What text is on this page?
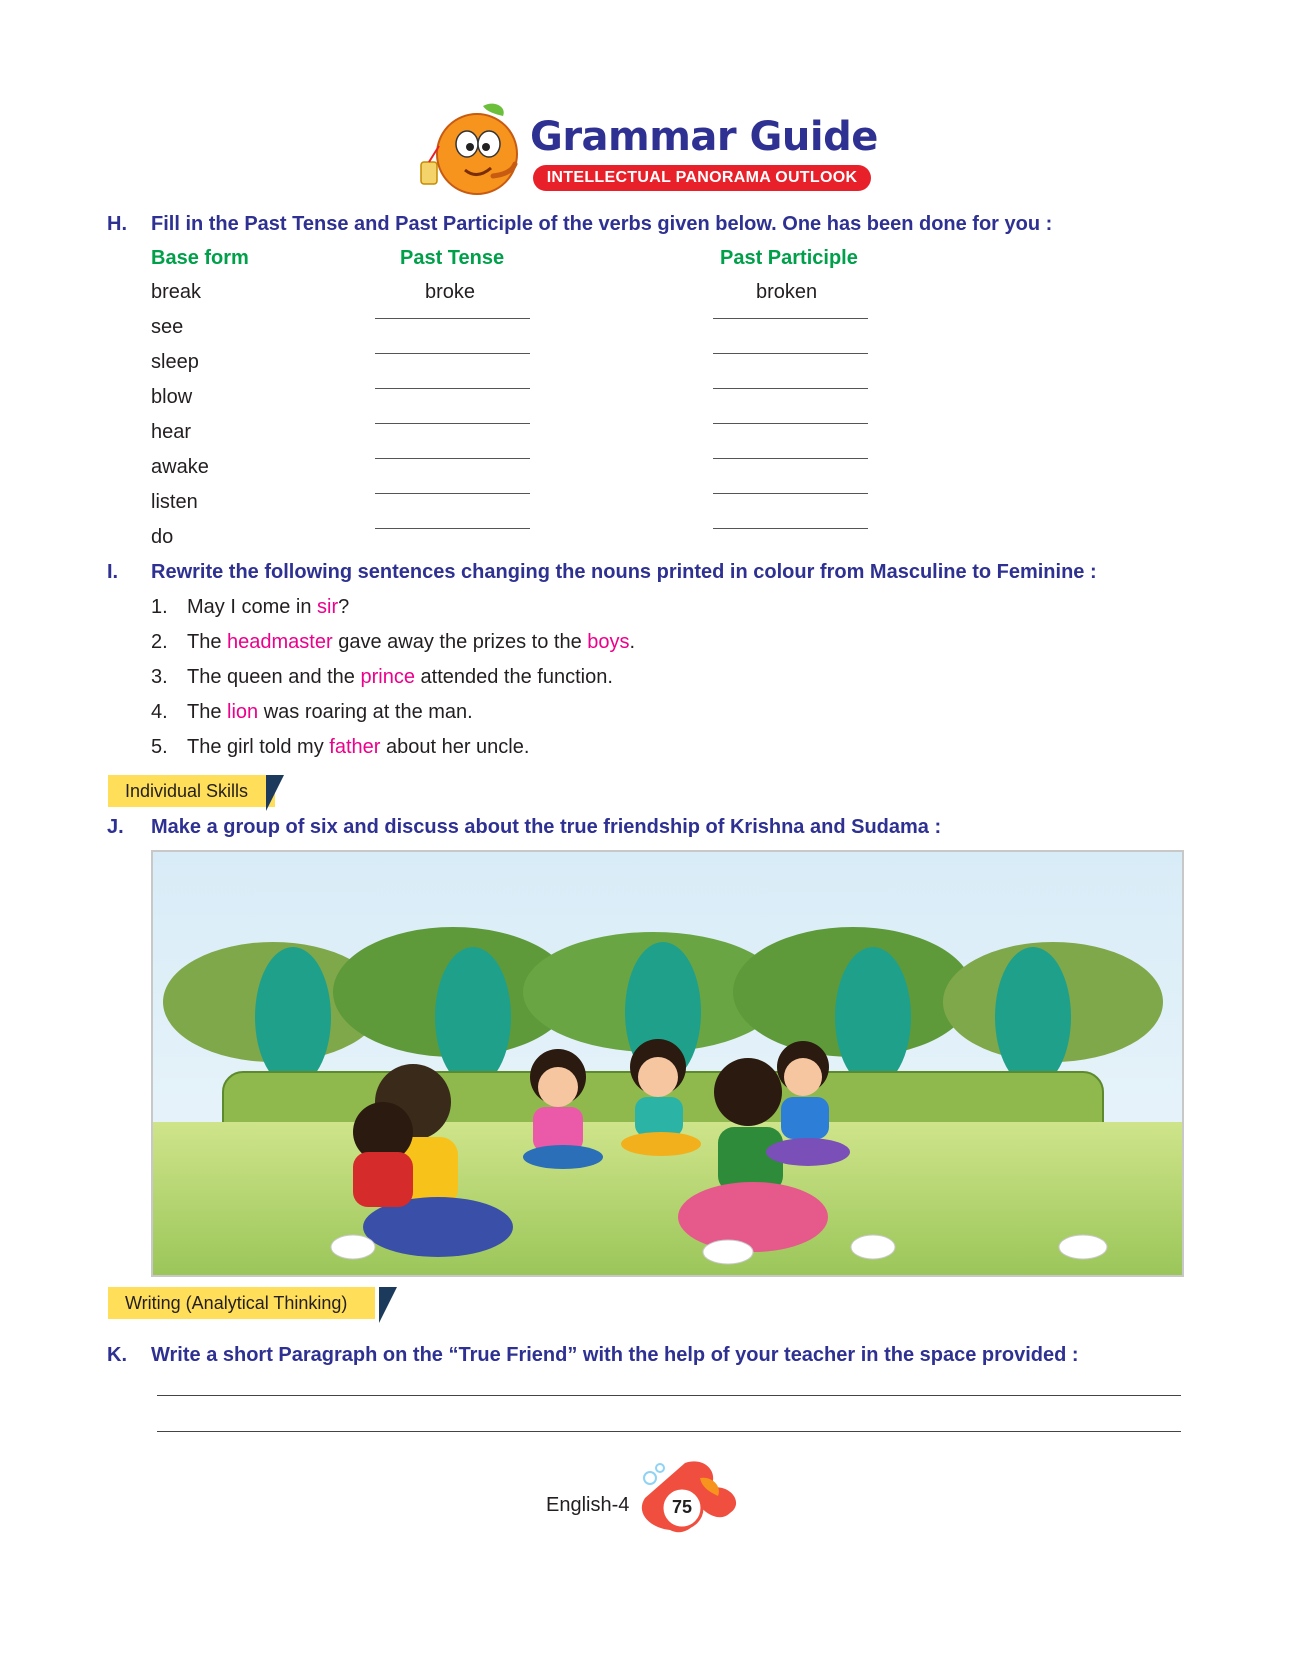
Grammar Guide
INTELLECTUAL PANORAMA OUTLOOK
H. Fill in the Past Tense and Past Participle of the verbs given below. One has been done for you :
Base form	Past Tense	Past Participle
break	broke	broken
see
sleep
blow
hear
awake
listen
do
I. Rewrite the following sentences changing the nouns printed in colour from Masculine to Feminine :
1. May I come in sir?
2. The headmaster gave away the prizes to the boys.
3. The queen and the prince attended the function.
4. The lion was roaring at the man.
5. The girl told my father about her uncle.
Individual Skills
J. Make a group of six and discuss about the true friendship of Krishna and Sudama :
Writing (Analytical Thinking)
K. Write a short Paragraph on the “True Friend” with the help of your teacher in the space provided :
English-4	75
